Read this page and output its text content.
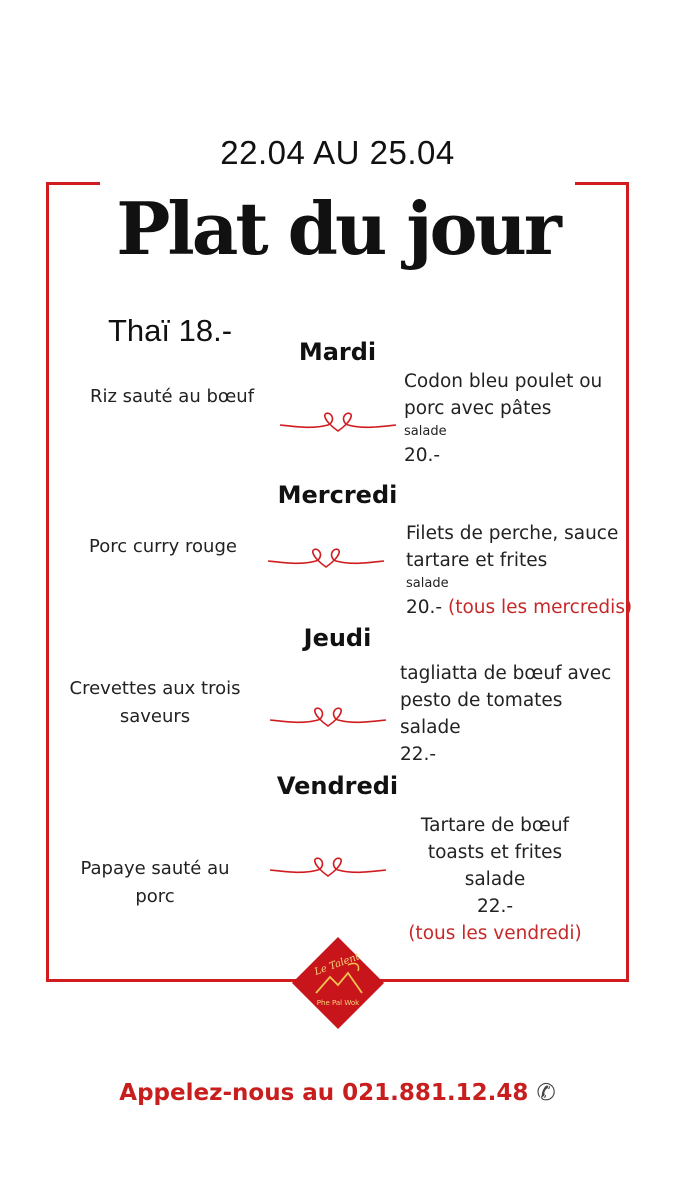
22.04 AU 25.04
Plat du jour
Thaï 18.-
Mardi
Riz sauté au bœuf
Codon bleu poulet ou
porc avec pâtes
salade
20.-
Mercredi
Porc curry rouge
Filets de perche, sauce
tartare et frites
salade
20.- (tous les mercredis)
Jeudi
Crevettes aux trois
saveurs
tagliatta de bœuf avec
pesto de tomates
salade
22.-
Vendredi
Papaye sauté au
porc
Tartare de bœuf
toasts et frites
salade
22.-
(tous les vendredi)
Le Talent
Phe Pal Wok
Appelez-nous au 021.881.12.48 ✆
